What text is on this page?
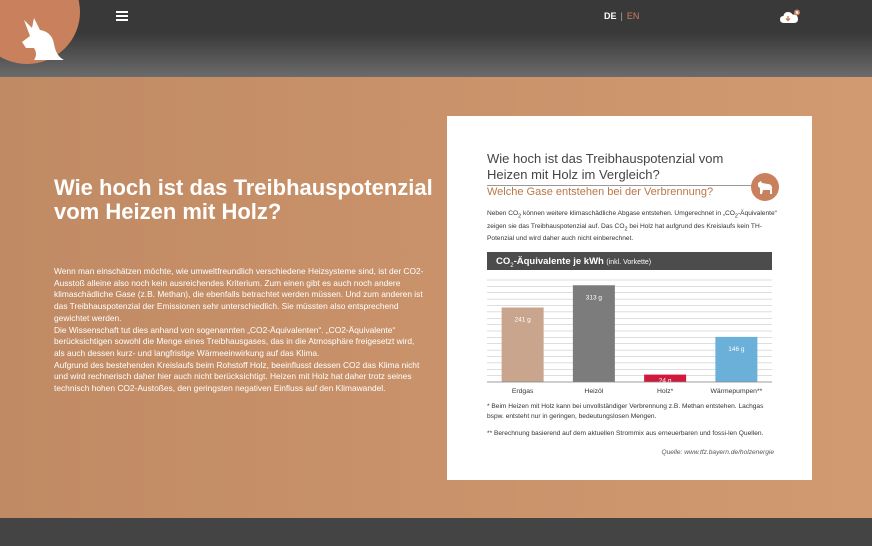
DE | EN
Wie hoch ist das Treibhauspotenzial vom Heizen mit Holz?

Wenn man einschätzen möchte, wie umweltfreundlich verschiedene Heizsysteme sind, ist der CO2-Ausstoß alleine also noch kein ausreichendes Kriterium. Zum einen gibt es auch noch andere klimaschädliche Gase (z.B. Methan), die ebenfalls betrachtet werden müssen. Und zum anderen ist das Treibhauspotenzial der Emissionen sehr unterschiedlich. Sie müssten also entsprechend gewichtet werden.

Die Wissenschaft tut dies anhand von sogenannten „CO2-Äquivalenten“. „CO2-Äquivalente“ berücksichtigen sowohl die Menge eines Treibhausgases, das in die Atmosphäre freigesetzt wird, als auch dessen kurz- und langfristige Wärmeeinwirkung auf das Klima.

Aufgrund des bestehenden Kreislaufs beim Rohstoff Holz, beeinflusst dessen CO2 das Klima nicht und wird rechnerisch daher hier auch nicht berücksichtigt. Heizen mit Holz hat daher trotz seines technisch hohen CO2-Austoßes, den geringsten negativen Einfluss auf den Klimawandel.

Wie hoch ist das Treibhauspotenzial vom Heizen mit Holz im Vergleich?
Welche Gase entstehen bei der Verbrennung?
Neben $CO_2$ können weitere klimaschädliche Abgase entstehen. Umgerechnet in $„CO_2-Äquivalente“$ zeigen sie das Treibhauspotenzial auf. Das $CO_2$ bei Holz hat aufgrund des Kreislaufs kein TH-Potenzial und wird daher auch nicht einberechnet.
$CO_2$-Äquivalente je kWh (inkl. Vorkette)
241 g
Erdgas
313 g
Heizöl
24 g
Holz*
146 g
Wärmepumpen**
* Beim Heizen mit Holz kann bei unvollständiger Verbrennung z.B. Methan entstehen. Lachgas bspw. entsteht nur in geringen, bedeutungslosen Mengen.
** Berechnung basierend auf dem aktuellen Strommix aus erneuerbaren und fossi-len Quellen.
Quelle: www.tfz.bayern.de/holzenergie
